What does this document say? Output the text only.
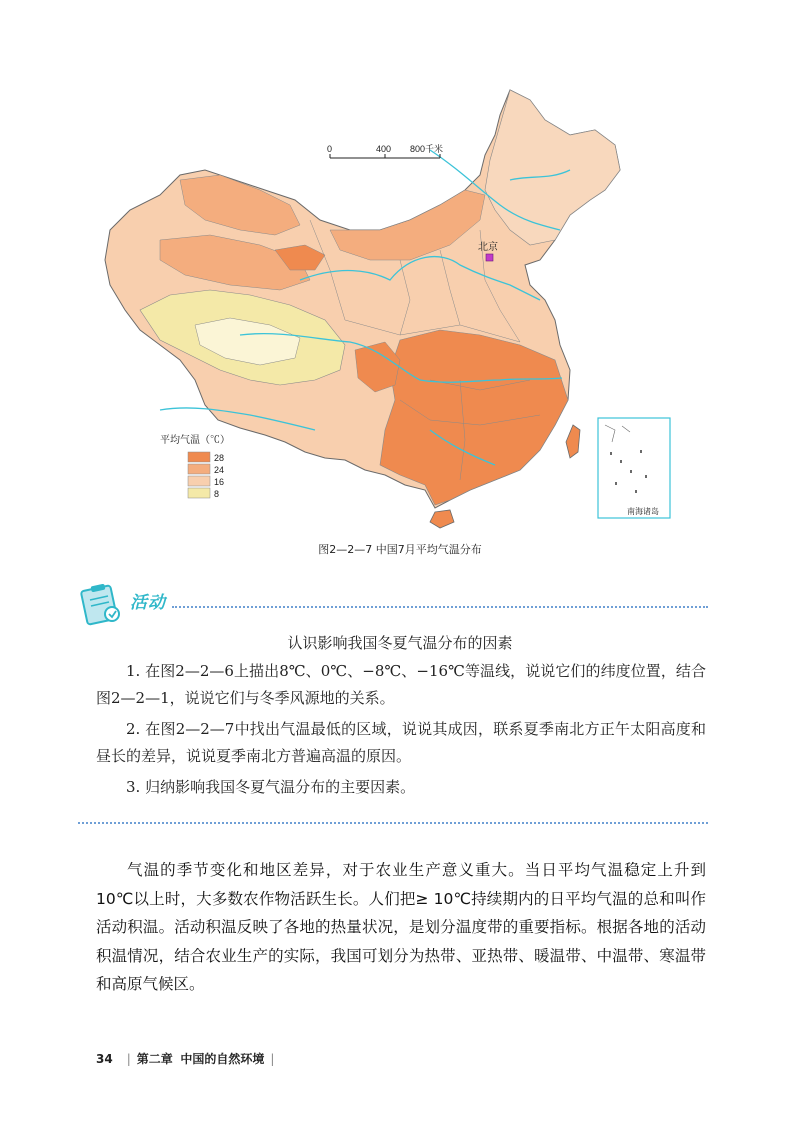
北京
0	400 800千米
平均气温（℃）
28
24
16
8
南海诸岛
图2—2—7 中国7月平均气温分布
活动
认识影响我国冬夏气温分布的因素
1. 在图2—2—6上描出8℃、0℃、−8℃、−16℃等温线，说说它们的纬度位置，结合图2—2—1，说说它们与冬季风源地的关系。
2. 在图2—2—7中找出气温最低的区域，说说其成因，联系夏季南北方正午太阳高度和昼长的差异，说说夏季南北方普遍高温的原因。
3. 归纳影响我国冬夏气温分布的主要因素。
气温的季节变化和地区差异，对于农业生产意义重大。当日平均气温稳定上升到 10℃以上时，大多数农作物活跃生长。人们把≥ 10℃持续期内的日平均气温的总和叫作活动积温。活动积温反映了各地的热量状况，是划分温度带的重要指标。根据各地的活动积温情况，结合农业生产的实际，我国可划分为热带、亚热带、暖温带、中温带、寒温带和高原气候区。
34 | 第二章 中国的自然环境 |
